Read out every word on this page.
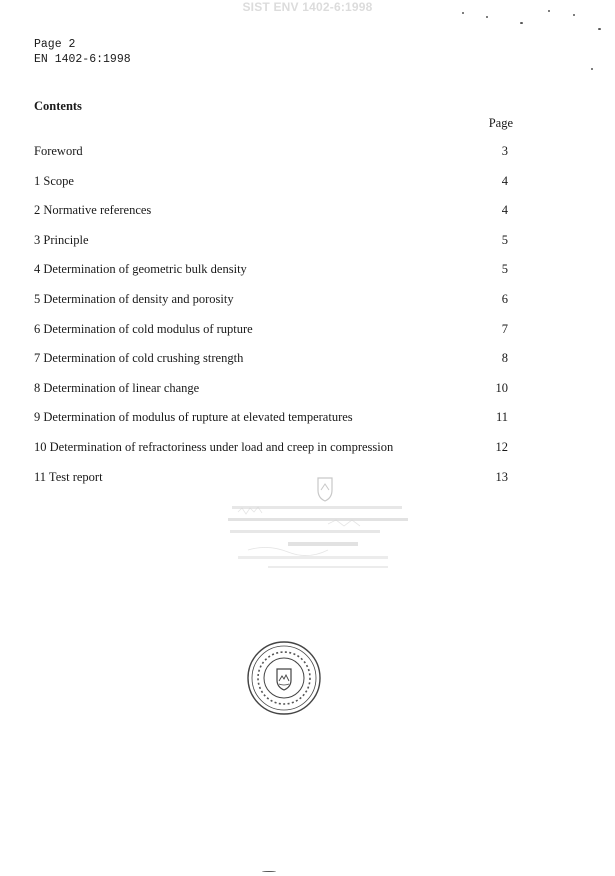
SIST ENV 1402-6:1998
Page 2
EN 1402-6:1998
Contents
Page
Foreword	3
1 Scope	4
2 Normative references	4
3 Principle	5
4 Determination of geometric bulk density	5
5 Determination of density and porosity	6
6 Determination of cold modulus of rupture	7
7 Determination of cold crushing strength	8
8 Determination of linear change	10
9 Determination of modulus of rupture at elevated temperatures	11
10 Determination of refractoriness under load and creep in compression	12
11 Test report	13
